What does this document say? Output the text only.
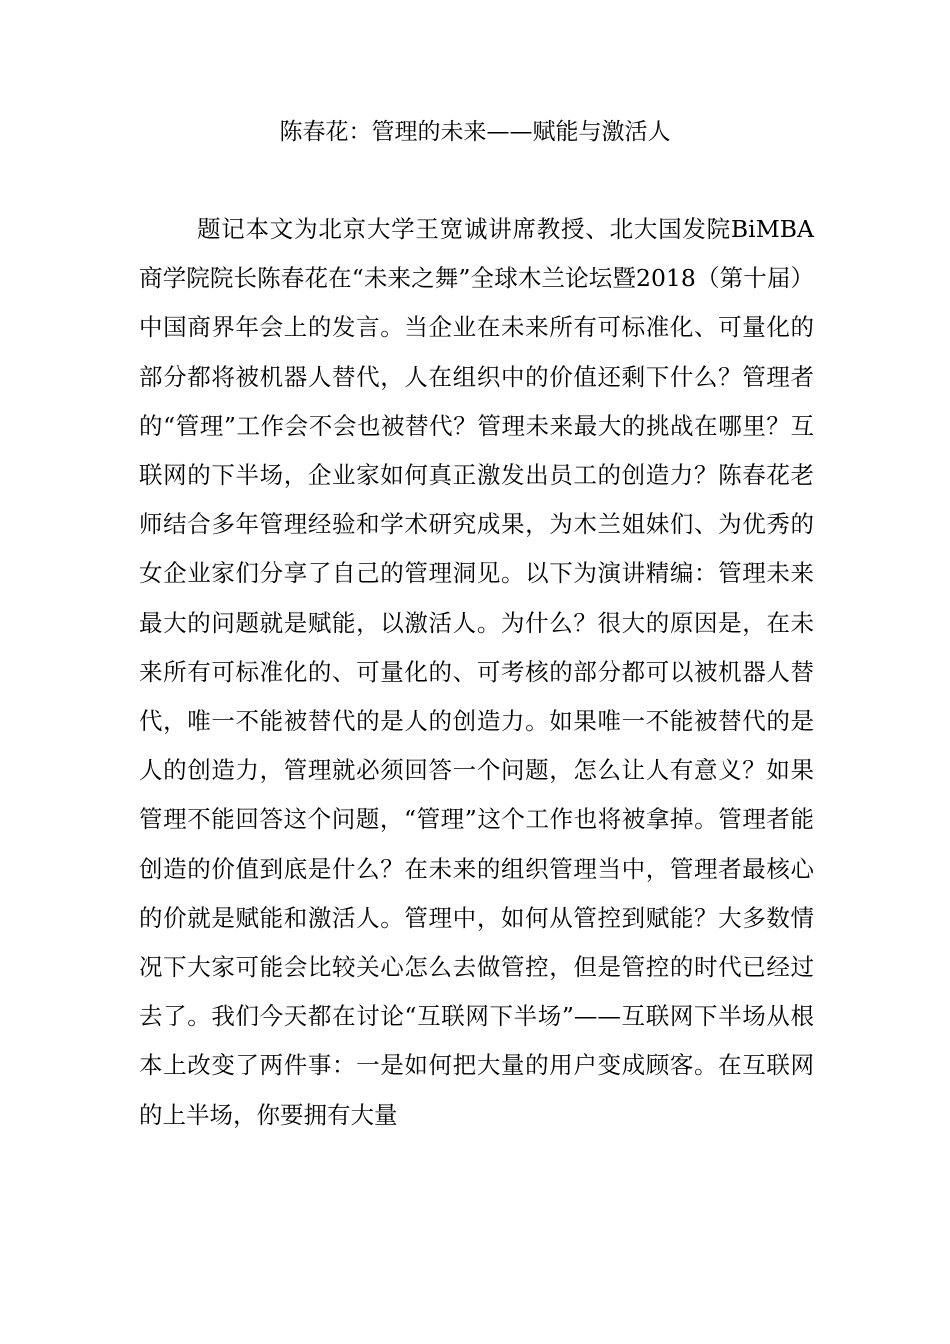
陈春花：管理的未来——赋能与激活人

题记本文为北京大学王宽诚讲席教授、北大国发院BiMBA商学院院长陈春花在“未来之舞”全球木兰论坛暨2018（第十届）中国商界年会上的发言。当企业在未来所有可标准化、可量化的部分都将被机器人替代，人在组织中的价值还剩下什么？管理者的“管理”工作会不会也被替代？管理未来最大的挑战在哪里？互联网的下半场，企业家如何真正激发出员工的创造力？陈春花老师结合多年管理经验和学术研究成果，为木兰姐妹们、为优秀的女企业家们分享了自己的管理洞见。以下为演讲精编：管理未来最大的问题就是赋能，以激活人。为什么？很大的原因是，在未来所有可标准化的、可量化的、可考核的部分都可以被机器人替代，唯一不能被替代的是人的创造力。如果唯一不能被替代的是人的创造力，管理就必须回答一个问题，怎么让人有意义？如果管理不能回答这个问题，“管理”这个工作也将被拿掉。管理者能创造的价值到底是什么？在未来的组织管理当中，管理者最核心的价就是赋能和激活人。管理中，如何从管控到赋能？大多数情况下大家可能会比较关心怎么去做管控，但是管控的时代已经过去了。我们今天都在讨论“互联网下半场”——互联网下半场从根本上改变了两件事：一是如何把大量的用户变成顾客。在互联网的上半场，你要拥有大量
